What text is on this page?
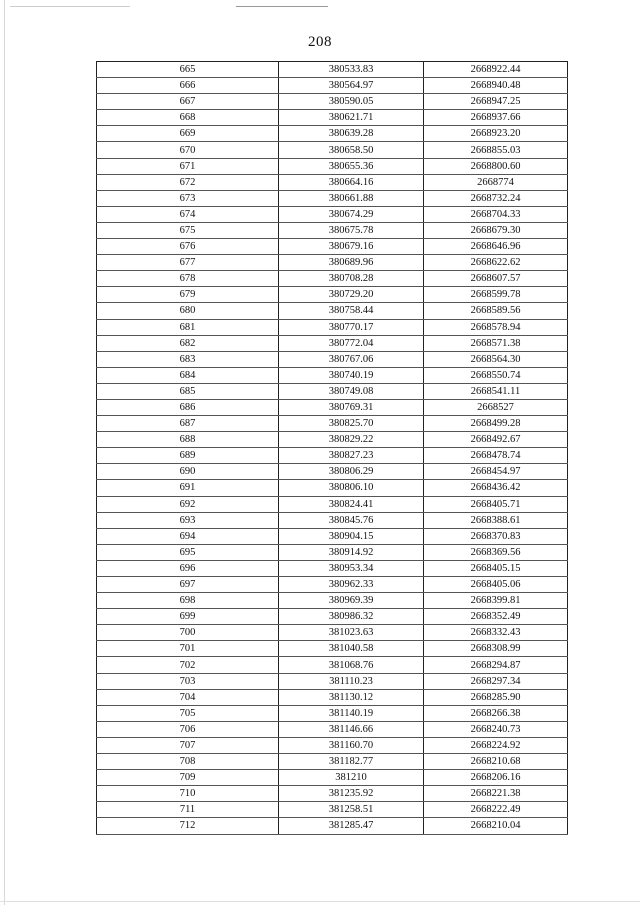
208
665	380533.83	2668922.44
666	380564.97	2668940.48
667	380590.05	2668947.25
668	380621.71	2668937.66
669	380639.28	2668923.20
670	380658.50	2668855.03
671	380655.36	2668800.60
672	380664.16	2668774
673	380661.88	2668732.24
674	380674.29	2668704.33
675	380675.78	2668679.30
676	380679.16	2668646.96
677	380689.96	2668622.62
678	380708.28	2668607.57
679	380729.20	2668599.78
680	380758.44	2668589.56
681	380770.17	2668578.94
682	380772.04	2668571.38
683	380767.06	2668564.30
684	380740.19	2668550.74
685	380749.08	2668541.11
686	380769.31	2668527
687	380825.70	2668499.28
688	380829.22	2668492.67
689	380827.23	2668478.74
690	380806.29	2668454.97
691	380806.10	2668436.42
692	380824.41	2668405.71
693	380845.76	2668388.61
694	380904.15	2668370.83
695	380914.92	2668369.56
696	380953.34	2668405.15
697	380962.33	2668405.06
698	380969.39	2668399.81
699	380986.32	2668352.49
700	381023.63	2668332.43
701	381040.58	2668308.99
702	381068.76	2668294.87
703	381110.23	2668297.34
704	381130.12	2668285.90
705	381140.19	2668266.38
706	381146.66	2668240.73
707	381160.70	2668224.92
708	381182.77	2668210.68
709	381210	2668206.16
710	381235.92	2668221.38
711	381258.51	2668222.49
712	381285.47	2668210.04
